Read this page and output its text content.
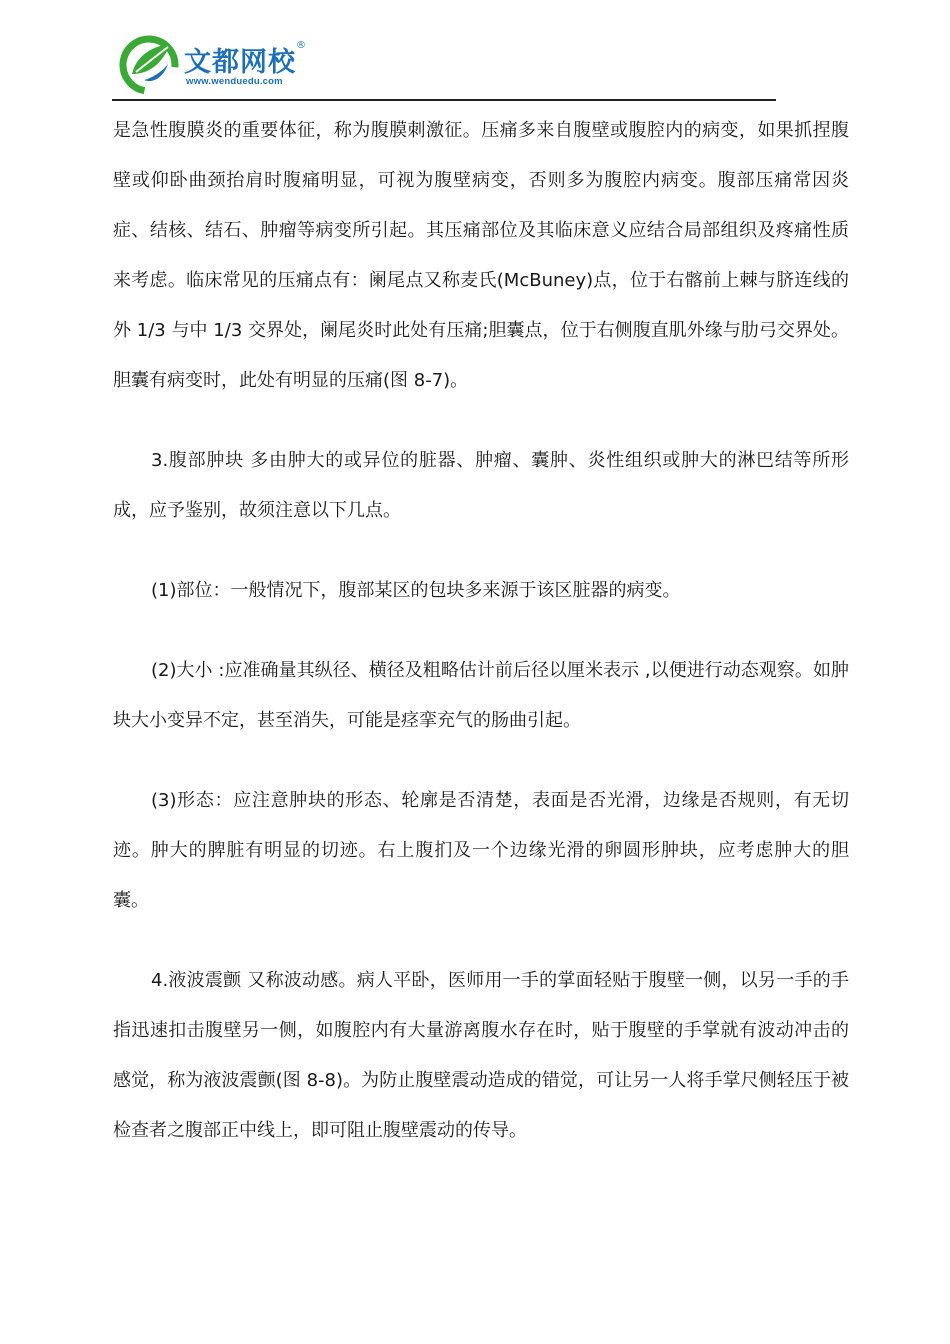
文都网校
®
www.wenduedu.com

是急性腹膜炎的重要体征，称为腹膜刺激征。压痛多来自腹壁或腹腔内的病变，如果抓捏腹壁或仰卧曲颈抬肩时腹痛明显，可视为腹壁病变，否则多为腹腔内病变。腹部压痛常因炎症、结核、结石、肿瘤等病变所引起。其压痛部位及其临床意义应结合局部组织及疼痛性质来考虑。临床常见的压痛点有：阑尾点又称麦氏(McBuney)点，位于右髂前上棘与脐连线的外 1/3 与中 1/3 交界处，阑尾炎时此处有压痛;胆囊点，位于右侧腹直肌外缘与肋弓交界处。胆囊有病变时，此处有明显的压痛(图 8-7)。

3.腹部肿块 多由肿大的或异位的脏器、肿瘤、囊肿、炎性组织或肿大的淋巴结等所形成，应予鉴别，故须注意以下几点。

(1)部位：一般情况下，腹部某区的包块多来源于该区脏器的病变。

(2)大小 :应准确量其纵径、横径及粗略估计前后径以厘米表示 ,以便进行动态观察。如肿块大小变异不定，甚至消失，可能是痉挛充气的肠曲引起。

(3)形态：应注意肿块的形态、轮廓是否清楚，表面是否光滑，边缘是否规则，有无切迹。肿大的脾脏有明显的切迹。右上腹扪及一个边缘光滑的卵圆形肿块，应考虑肿大的胆囊。

4.液波震颤 又称波动感。病人平卧，医师用一手的掌面轻贴于腹壁一侧，以另一手的手指迅速扣击腹壁另一侧，如腹腔内有大量游离腹水存在时，贴于腹壁的手掌就有波动冲击的感觉，称为液波震颤(图 8-8)。为防止腹壁震动造成的错觉，可让另一人将手掌尺侧轻压于被检查者之腹部正中线上，即可阻止腹壁震动的传导。
